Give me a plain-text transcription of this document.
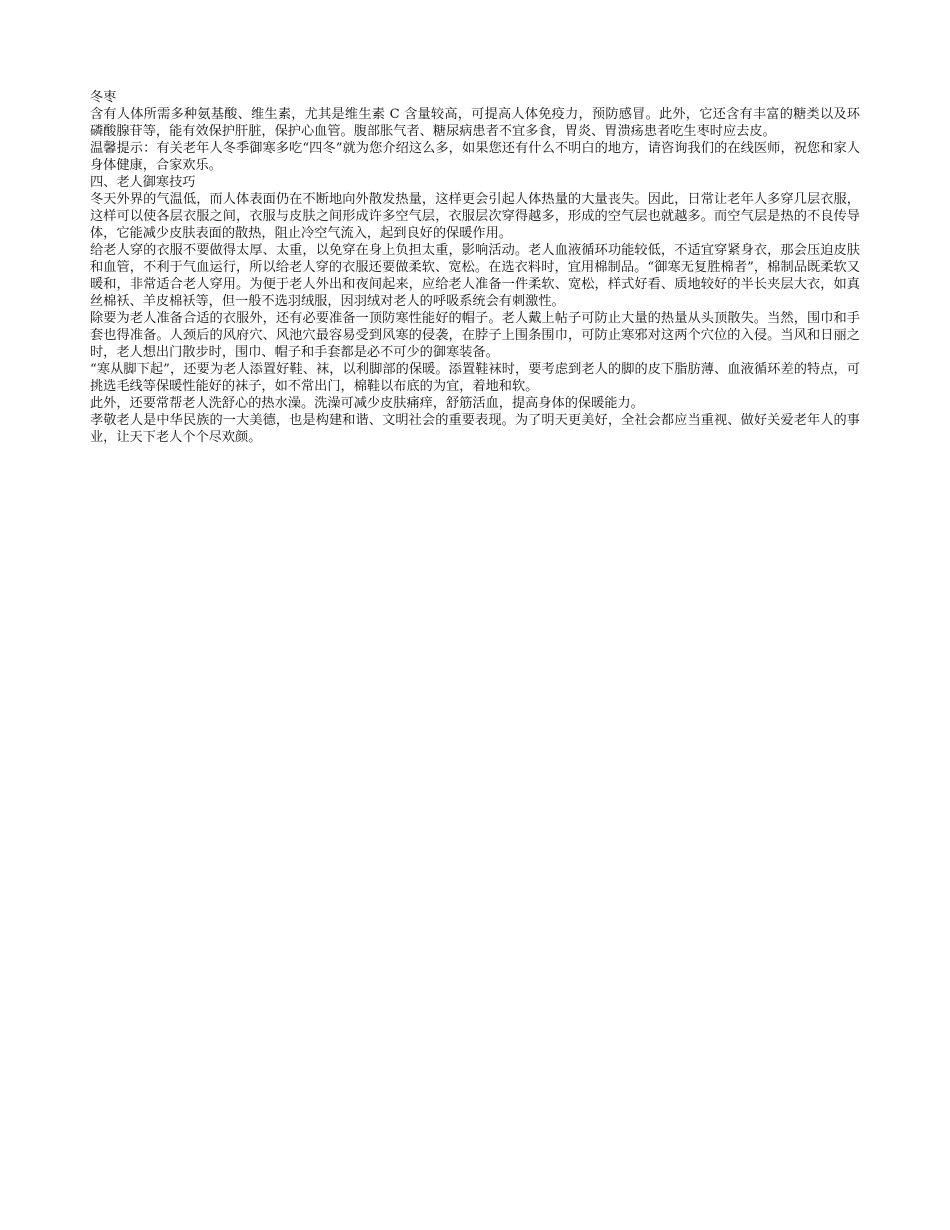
冬枣

含有人体所需多种氨基酸、维生素，尤其是维生素 C 含量较高，可提高人体免疫力，预防感冒。此外，它还含有丰富的糖类以及环磷酸腺苷等，能有效保护肝脏，保护心血管。腹部胀气者、糖尿病患者不宜多食，胃炎、胃溃疡患者吃生枣时应去皮。

温馨提示：有关老年人冬季御寒多吃“四冬”就为您介绍这么多，如果您还有什么不明白的地方，请咨询我们的在线医师，祝您和家人身体健康，合家欢乐。

四、老人御寒技巧

冬天外界的气温低，而人体表面仍在不断地向外散发热量，这样更会引起人体热量的大量丧失。因此，日常让老年人多穿几层衣服，这样可以使各层衣服之间，衣服与皮肤之间形成许多空气层，衣服层次穿得越多，形成的空气层也就越多。而空气层是热的不良传导体，它能减少皮肤表面的散热，阻止冷空气流入，起到良好的保暖作用。

给老人穿的衣服不要做得太厚、太重，以免穿在身上负担太重，影响活动。老人血液循环功能较低，不适宜穿紧身衣，那会压迫皮肤和血管，不利于气血运行，所以给老人穿的衣服还要做柔软、宽松。在选衣料时，宜用棉制品。“御寒无复胜棉者”，棉制品既柔软又暖和，非常适合老人穿用。为便于老人外出和夜间起来，应给老人准备一件柔软、宽松，样式好看、质地较好的半长夹层大衣，如真丝棉袄、羊皮棉袄等，但一般不选羽绒服，因羽绒对老人的呼吸系统会有刺激性。

除要为老人准备合适的衣服外，还有必要准备一顶防寒性能好的帽子。老人戴上帖子可防止大量的热量从头顶散失。当然，围巾和手套也得准备。人颈后的风府穴、风池穴最容易受到风寒的侵袭，在脖子上围条围巾，可防止寒邪对这两个穴位的入侵。当风和日丽之时，老人想出门散步时，围巾、帽子和手套都是必不可少的御寒装备。

“寒从脚下起”，还要为老人添置好鞋、袜，以利脚部的保暖。添置鞋袜时，要考虑到老人的脚的皮下脂肪薄、血液循环差的特点，可挑选毛线等保暖性能好的袜子，如不常出门，棉鞋以布底的为宜，着地和软。

此外，还要常帮老人洗舒心的热水澡。洗澡可减少皮肤痛痒，舒筋活血，提高身体的保暖能力。

孝敬老人是中华民族的一大美德，也是构建和谐、文明社会的重要表现。为了明天更美好，全社会都应当重视、做好关爱老年人的事业，让天下老人个个尽欢颜。
